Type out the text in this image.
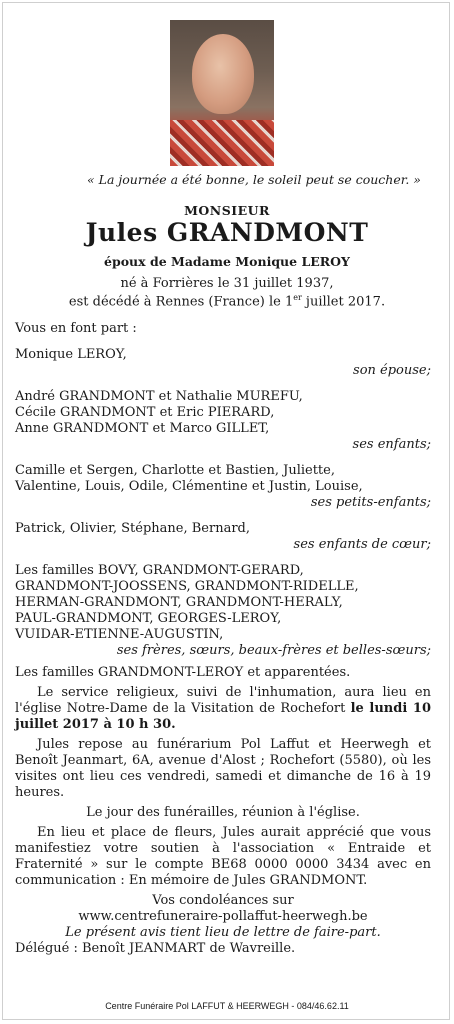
« La journée a été bonne, le soleil peut se coucher. »
MONSIEUR
Jules GRANDMONT
époux de Madame Monique LEROY
né à Forrières le 31 juillet 1937,
est décédé à Rennes (France) le 1er juillet 2017.

Vous en font part :

Monique LEROY,

son épouse;

André GRANDMONT et Nathalie MUREFU,

Cécile GRANDMONT et Eric PIERARD,

Anne GRANDMONT et Marco GILLET,

ses enfants;

Camille et Sergen, Charlotte et Bastien, Juliette,

Valentine, Louis, Odile, Clémentine et Justin, Louise,

ses petits-enfants;

Patrick, Olivier, Stéphane, Bernard,

ses enfants de cœur;

Les familles BOVY, GRANDMONT-GERARD,

GRANDMONT-JOOSSENS, GRANDMONT-RIDELLE,

HERMAN-GRANDMONT, GRANDMONT-HERALY,

PAUL-GRANDMONT, GEORGES-LEROY,

VUIDAR-ETIENNE-AUGUSTIN,

ses frères, sœurs, beaux-frères et belles-sœurs;

Les familles GRANDMONT-LEROY et apparentées.

Le service religieux, suivi de l'inhumation, aura lieu en l'église Notre-Dame de la Visitation de Rochefort le lundi 10 juillet 2017 à 10 h 30.

Jules repose au funérarium Pol Laffut et Heerwegh et Benoît Jeanmart, 6A, avenue d'Alost ; Rochefort (5580), où les visites ont lieu ces vendredi, samedi et dimanche de 16 à 19 heures.

Le jour des funérailles, réunion à l'église.

En lieu et place de fleurs, Jules aurait apprécié que vous manifestiez votre soutien à l'association « Entraide et Fraternité » sur le compte BE68 0000 0000 3434 avec en communication : En mémoire de Jules GRANDMONT.

Vos condoléances sur

www.centrefuneraire-pollaffut-heerwegh.be

Le présent avis tient lieu de lettre de faire-part.

Délégué : Benoît JEANMART de Wavreille.

Centre Funéraire Pol LAFFUT & HEERWEGH - 084/46.62.11
